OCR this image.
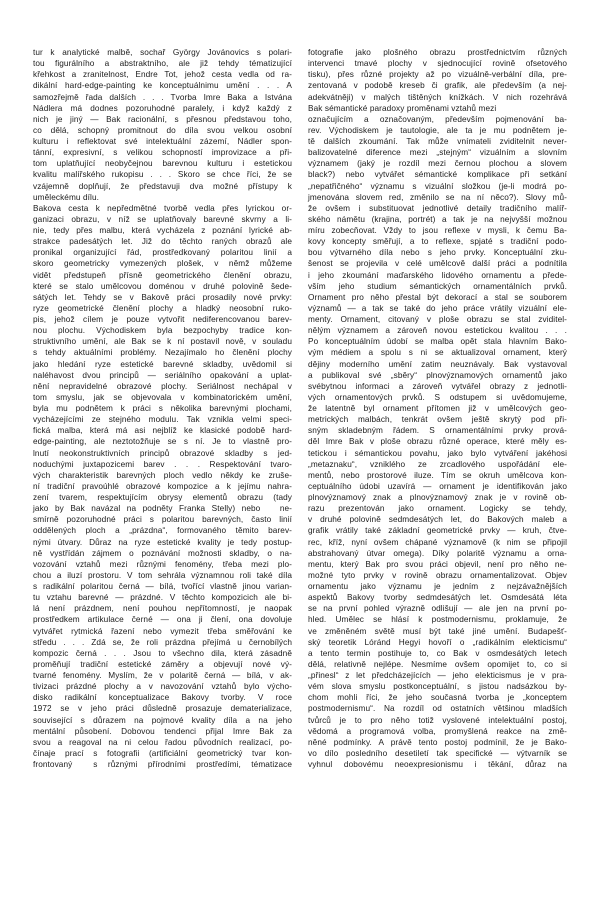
tur k analytické malbě, sochař György Jovánovics s polari-
tou figurálního a abstraktního, ale již tehdy tématizující
křehkost a zranitelnost, Endre Tot, jehož cesta vedla od ra-
dikální hard-edge-painting ke konceptuálnimu umění . . . A
samozřejmě řada dalších . . . Tvorba Imre Baka a Istvána
Nádlera má dodnes pozoruhodné paralely, i když každý z
nich je jiný — Bak racionální, s přesnou představou toho,
co dělá, schopný promitnout do díla svou velkou osobní
kulturu i reflektovat své intelektuální zázemí, Nádler spon-
tánní, expresivní, s velikou schopností improvizace a při-
tom uplatňující neobyčejnou barevnou kulturu i estetickou
kvalitu malířského rukopisu . . . Skoro se chce říci, že se
vzájemně doplňují, že představuji dva možné přístupy k
uměleckému dílu.
Bakova cesta k nepředmětné tvorbě vedla přes lyrickou or-
ganizaci obrazu, v níž se uplatňovaly barevné skvrny a li-
nie, tedy přes malbu, která vycházela z poznání lyrické ab-
strakce padesátých let. Již do těchto raných obrazů ale
pronikal organizující řád, prostředkovaný polaritou linií a
skoro geometricky vymezených plošek, v němž můžeme
vidět předstupeň přísně geometrického členění obrazu,
které se stalo umělcovou doménou v druhé polovině šede-
sátých let. Tehdy se v Bakově práci prosadily nové prvky:
ryze geometrické členění plochy a hladký neosobní ruko-
pis, jehož cílem je pouze vytvořit nediferencovanou barev-
nou plochu. Východiskem byla bezpochyby tradice kon-
struktivního umění, ale Bak se k ní postavil nově, v souladu
s tehdy aktuálními problémy. Nezajímalo ho členění plochy
jako hledání ryze estetické barevné skladby, uvědomil si
naléhavost dvou principů — seriálního opakování a uplat-
nění nepravidelné obrazové plochy. Seriálnost nechápal v
tom smyslu, jak se objevovala v kombinatorickém umění,
byla mu podnětem k práci s několika barevnými plochami,
vycházejícími ze stejného modulu. Tak vznikla velmi speci-
fická malba, která má asi nejblíž ke klasické podobě hard-
edge-painting, ale neztotožňuje se s ní. Je to vlastně pro-
lnutí neokonstruktivních principů obrazové skladby s jed-
noduchými juxtapozicemi barev . . . Respektování tvaro-
vých charakteristik barevných ploch vedlo někdy ke zruše-
ní tradiční pravoúhlé obrazové kompozice a k jejímu nahra-
zení tvarem, respektujícím obrysy elementů obrazu (tady
jako by Bak navázal na podněty Franka Stelly) nebo   ne-
smírně pozoruhodné práci s polaritou barevných, často linií
oddělených ploch a „prázdna“, formovaného těmito barev-
nými útvary. Důraz na ryze estetické kvality je tedy postup-
ně vystřídán zájmem o poznávání možnosti skladby, o na-
vozování vztahů mezi různými fenomény, třeba mezi plo-
chou a iluzí prostoru. V tom sehrála významnou roli také díla
s radikální polaritou černá — bílá, tvořící vlastně jinou varian-
tu vztahu barevné — prázdné. V těchto kompozicich ale bi-
lá není prázdnem, není pouhou nepřítomností, je naopak
prostředkem artikulace černé — ona ji člení, ona dovoluje
vytvářet rytmická řazení nebo vymezit třeba směřování ke
středu . . . Zdá se, že roli prázdna přejímá u černobílých
kompozic černá . . . Jsou to všechno dila, která zásadně
proměňují tradiční estetické záměry a objevují nové vý-
tvarné fenomény. Myslím, že v polaritě černá — bílá, v ak-
tivizaci prázdné plochy a v navozování vztahů bylo výcho-
disko radikální konceptualizace Bakovy tvorby. V roce
1972 se v jeho práci důsledně prosazuje dematerializace,
související s důrazem na pojmové kvality díla a na jeho
mentální působení. Dobovou tendenci přijal Imre Bak za
svou a reagoval na ni celou řadou původních realizací, po-
čínaje prací s fotografii (artificiální geometrický tvar kon-
frontovaný  s různými přírodními prostředími, tématizace
fotografie jako plošného obrazu prostřednictvím různých
intervenci tmavé plochy v sjednocující rovině ofsetového
tisku), přes různé projekty až po vizuálně-verbální díla, pre-
zentovaná v podobě kreseb či grafik, ale především (a nej-
adekvátněji) v malých tištěných knížkách. V nich rozehrává
Bak sémantické paradoxy proměnami vztahů mezi
označujícím a označovaným, především pojmenování ba-
rev. Východiskem je tautologie, ale ta je mu podnětem je-
tě dalších zkoumání. Tak může vnímateli zviditelnit never-
balizovatelné diference mezi „stejným“ vizuálním a slovním
významem (jaký je rozdíl mezi černou plochou a slovem
black?) nebo vytvářet sémantické komplikace při setkání
„nepatřičného“ významu s vizuální složkou (je-li modrá po-
jmenována slovem red, změnilo se na ní něco?). Slovy mů-
že ovšem i substituovat jednotlivé detaily tradičního malíř-
ského námětu (krajina, portrét) a tak je na nejvyšší možnou
míru zobecňovat. Vždy to jsou reflexe v mysli, k čemu Ba-
kovy koncepty směřují, a to reflexe, spjaté s tradiční podo-
bou výtvarného díla nebo s jeho prvky. Konceptuální zku-
šenost se projevila v celé umělcově další práci a podnítila
i jeho zkoumání maďarského lidového ornamentu a přede-
vším jeho studium sémantických ornamentálních prvků.
Ornament pro něho přestal být dekorací a stal se souborem
významů — a tak se také do jeho práce vrátily vizuální ele-
menty. Ornament, citovaný v ploše obrazu se stal zviditel-
nělým významem a zároveň novou estetickou kvalitou . . .
Po konceptuálním údobí se malba opět stala hlavním Bako-
vým médiem a spolu s ni se aktualizoval ornament, který
dějiny moderního umění zatim neuznávaly. Bak vystavoval
a publikoval své „sběry“ plnovýznamových ornamentů jako
svébytnou informaci a zároveň vytvářel obrazy z jednotli-
vých ornamentových prvků. S odstupem si uvědomujeme,
že latentně byl ornament přítomen již v umělcových geo-
metrických malbách, tenkrát ovšem ještě skrytý pod při-
sným skladebným řádem. S ornamentálními prvky prová-
děl Imre Bak v ploše obrazu různé operace, které měly es-
tetickou i sémantickou povahu, jako bylo vytváření jakéhosi
„metaznaku“, vzniklého ze zrcadlového uspořádání ele-
mentů, nebo prostorové iluze. Tím se okruh umělcova kon-
ceptuálního údobi uzavírá — ornament je identifikován jako
plnovýznamový znak a plnovýznamový znak je v rovině ob-
razu prezentován jako ornament. Logicky se tehdy,
v druhé polovině sedmdesátých let, do Bakových maleb a
grafik vrátily také základní geometrické prvky — kruh, čtve-
rec, kříž, nyní ovšem chápané významově (k nim se připojil
abstrahovaný útvar omega). Díky polaritě významu a orna-
mentu, který Bak pro svou práci objevil, není pro něho ne-
možné tyto prvky v rovině obrazu ornamentalizovat. Objev
ornamentu jako významu je jedním z nejzávažnějších
aspektů Bakovy tvorby sedmdesátých let. Osmdesátá léta
se na první pohled výrazně odlišují — ale jen na první po-
hled. Umělec se hlásí k postmodernismu, proklamuje, že
ve změněném světě musí být také jiné umění. Budapešť-
ský teoretik Lóránd Hegyi hovoří o „radikálním elekticismu“
a tento termin postihuje to, co Bak v osmdesátých letech
dělá, relativně nejlépe. Nesmíme ovšem opomijet to, co si
„přinesl“ z let předcházejících — jeho elekticismus je v pra-
vém slova smyslu postkonceptuální, s jistou nadsázkou by-
chom mohli říci, že jeho současná tvorba je „konceptem
postmodernismu“. Na rozdíl od ostatních většinou mladších
tvůrců je to pro něho totiž vyslovené intelektuální postoj,
vědomá a programová volba, promyšlená reakce na změ-
něné podmínky. A právě tento postoj podmínil, že je Bako-
vo dílo posledního desetiletí tak specifické — výtvarník se
vyhnul dobovému neoexpresionismu i těkání, důraz na
